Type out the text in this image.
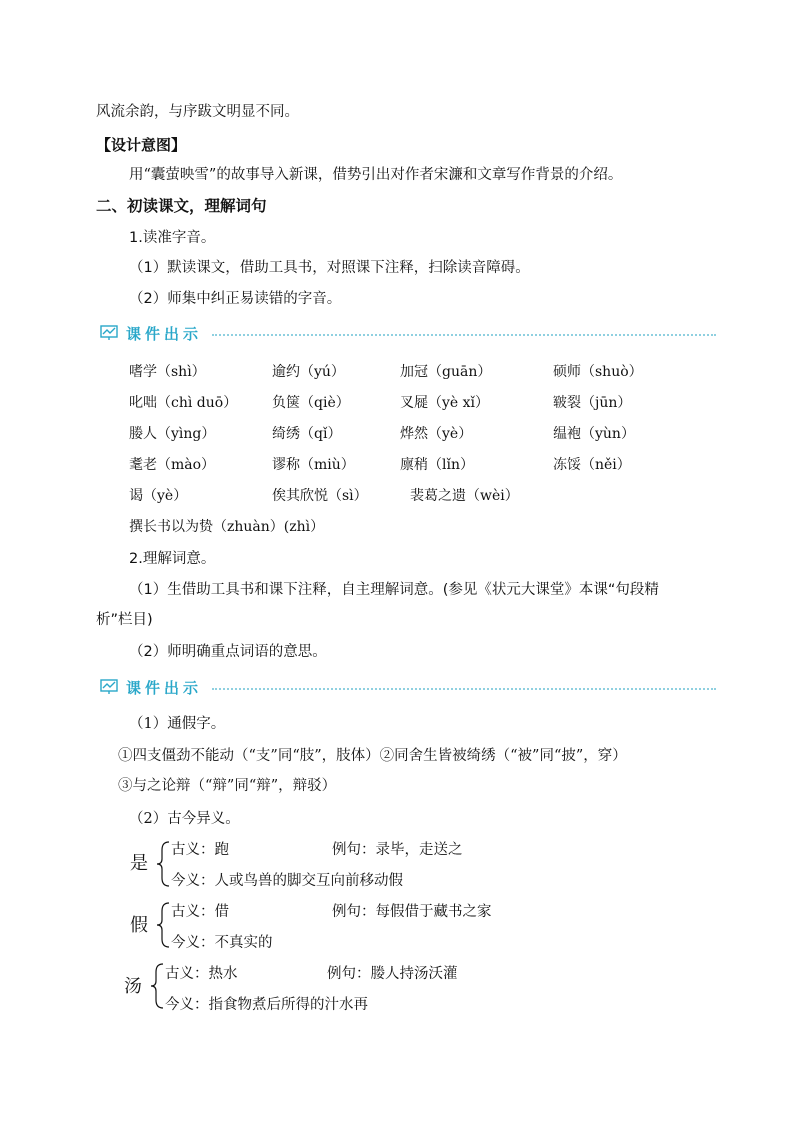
风流余韵，与序跋文明显不同。
【设计意图】
用“囊萤映雪”的故事导入新课，借势引出对作者宋濂和文章写作背景的介绍。
二、初读课文，理解词句
1.读准字音。
（1）默读课文，借助工具书，对照课下注释，扫除读音障碍。
（2）师集中纠正易读错的字音。
课件出示
嗜学（shì）	逾约（yú）	加冠（guān）	硕师（shuò）
叱咄（chì duō） 负箧（qiè）	叉屣（yè xǐ）	皲裂（jūn）
媵人（yìng）	绮绣（qǐ）	烨然（yè）	缊袍（yùn）
耄老（mào）	谬称（miù）	廪稍（lǐn）	冻馁（něi）
谒（yè）	俟其欣悦（sì）	裴葛之遗（wèi）
撰长书以为贽（zhuàn）(zhì）
2.理解词意。
（1）生借助工具书和课下注释，自主理解词意。(参见《状元大课堂》本课“句段精
析”栏目)
（2）师明确重点词语的意思。
课件出示
（1）通假字。
①四支僵劲不能动（“支”同“肢”，肢体）②同舍生皆被绮绣（“被”同“披”，穿）
③与之论辩（“辩”同“辩”，辩驳）
（2）古今异义。
是
古义：跑	例句：录毕，走送之
今义：人或鸟兽的脚交互向前移动假
假
古义：借	例句：每假借于藏书之家
今义：不真实的
汤
古义：热水	例句：媵人持汤沃灌
今义：指食物煮后所得的汁水再
